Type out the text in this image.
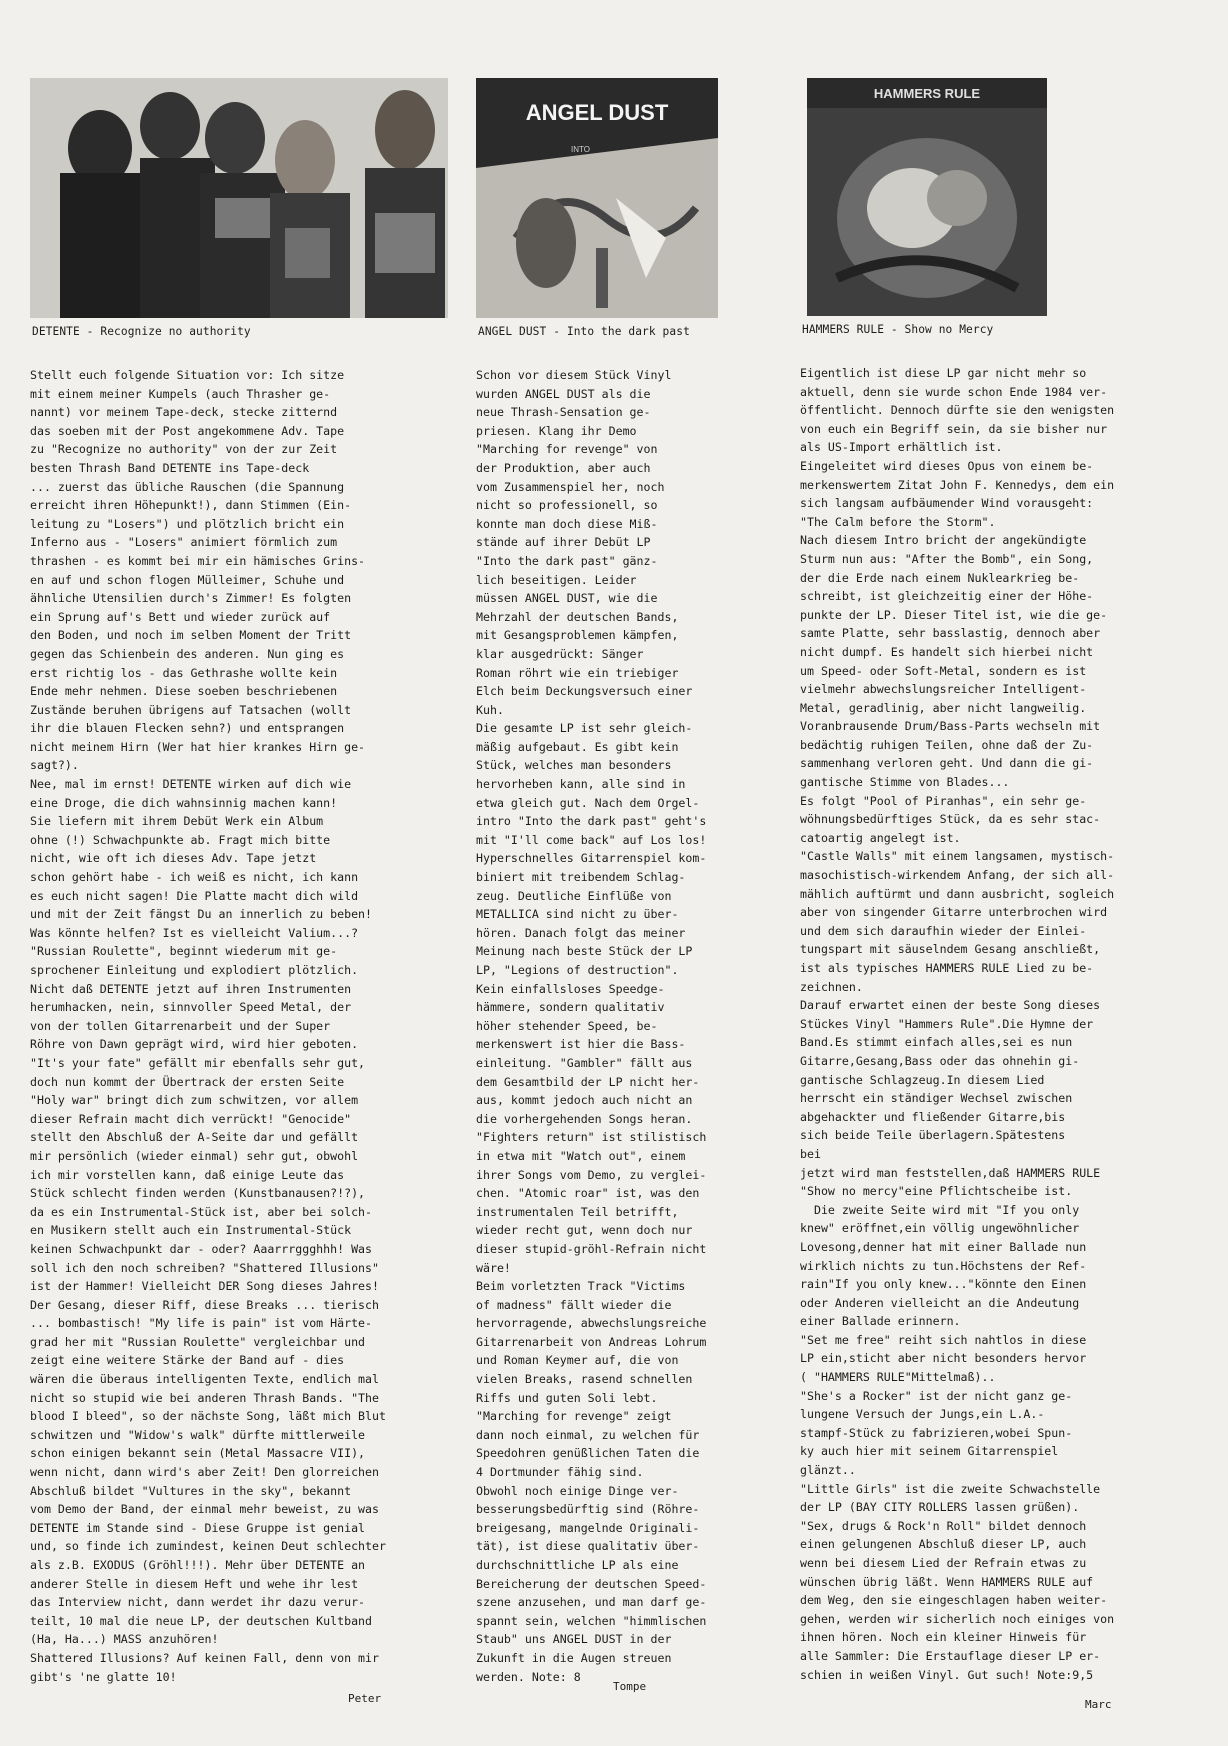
DETENTE - Recognize no authority
Stellt euch folgende Situation vor: Ich sitze
mit einem meiner Kumpels (auch Thrasher ge-
nannt) vor meinem Tape-deck, stecke zitternd
das soeben mit der Post angekommene Adv. Tape
zu "Recognize no authority" von der zur Zeit
besten Thrash Band DETENTE ins Tape-deck
... zuerst das übliche Rauschen (die Spannung
erreicht ihren Höhepunkt!), dann Stimmen (Ein-
leitung zu "Losers") und plötzlich bricht ein
Inferno aus - "Losers" animiert förmlich zum
thrashen - es kommt bei mir ein hämisches Grins-
en auf und schon flogen Mülleimer, Schuhe und
ähnliche Utensilien durch's Zimmer! Es folgten
ein Sprung auf's Bett und wieder zurück auf
den Boden, und noch im selben Moment der Tritt
gegen das Schienbein des anderen. Nun ging es
erst richtig los - das Gethrashe wollte kein
Ende mehr nehmen. Diese soeben beschriebenen
Zustände beruhen übrigens auf Tatsachen (wollt
ihr die blauen Flecken sehn?) und entsprangen
nicht meinem Hirn (Wer hat hier krankes Hirn ge-
sagt?).
Nee, mal im ernst! DETENTE wirken auf dich wie
eine Droge, die dich wahnsinnig machen kann!
Sie liefern mit ihrem Debüt Werk ein Album
ohne (!) Schwachpunkte ab. Fragt mich bitte
nicht, wie oft ich dieses Adv. Tape jetzt
schon gehört habe - ich weiß es nicht, ich kann
es euch nicht sagen! Die Platte macht dich wild
und mit der Zeit fängst Du an innerlich zu beben!
Was könnte helfen? Ist es vielleicht Valium...?
"Russian Roulette", beginnt wiederum mit ge-
sprochener Einleitung und explodiert plötzlich.
Nicht daß DETENTE jetzt auf ihren Instrumenten
herumhacken, nein, sinnvoller Speed Metal, der
von der tollen Gitarrenarbeit und der Super
Röhre von Dawn geprägt wird, wird hier geboten.
"It's your fate" gefällt mir ebenfalls sehr gut,
doch nun kommt der Übertrack der ersten Seite
"Holy war" bringt dich zum schwitzen, vor allem
dieser Refrain macht dich verrückt! "Genocide"
stellt den Abschluß der A-Seite dar und gefällt
mir persönlich (wieder einmal) sehr gut, obwohl
ich mir vorstellen kann, daß einige Leute das
Stück schlecht finden werden (Kunstbanausen?!?),
da es ein Instrumental-Stück ist, aber bei solch-
en Musikern stellt auch ein Instrumental-Stück
keinen Schwachpunkt dar - oder? Aaarrrggghhh! Was
soll ich den noch schreiben? "Shattered Illusions"
ist der Hammer! Vielleicht DER Song dieses Jahres!
Der Gesang, dieser Riff, diese Breaks ... tierisch
... bombastisch! "My life is pain" ist vom Härte-
grad her mit "Russian Roulette" vergleichbar und
zeigt eine weitere Stärke der Band auf - dies
wären die überaus intelligenten Texte, endlich mal
nicht so stupid wie bei anderen Thrash Bands. "The
blood I bleed", so der nächste Song, läßt mich Blut
schwitzen und "Widow's walk" dürfte mittlerweile
schon einigen bekannt sein (Metal Massacre VII),
wenn nicht, dann wird's aber Zeit! Den glorreichen
Abschluß bildet "Vultures in the sky", bekannt
vom Demo der Band, der einmal mehr beweist, zu was
DETENTE im Stande sind - Diese Gruppe ist genial
und, so finde ich zumindest, keinen Deut schlechter
als z.B. EXODUS (Gröhl!!!). Mehr über DETENTE an
anderer Stelle in diesem Heft und wehe ihr lest
das Interview nicht, dann werdet ihr dazu verur-
teilt, 10 mal die neue LP, der deutschen Kultband
(Ha, Ha...) MASS anzuhören!
Shattered Illusions? Auf keinen Fall, denn von mir
gibt's 'ne glatte 10!
Peter
ANGEL DUST
INTO
ANGEL DUST - Into the dark past
Schon vor diesem Stück Vinyl
wurden ANGEL DUST als die
neue Thrash-Sensation ge-
priesen. Klang ihr Demo
"Marching for revenge" von
der Produktion, aber auch
vom Zusammenspiel her, noch
nicht so professionell, so
konnte man doch diese Miß-
stände auf ihrer Debüt LP
"Into the dark past" gänz-
lich beseitigen. Leider
müssen ANGEL DUST, wie die
Mehrzahl der deutschen Bands,
mit Gesangsproblemen kämpfen,
klar ausgedrückt: Sänger
Roman röhrt wie ein triebiger
Elch beim Deckungsversuch einer
Kuh.
Die gesamte LP ist sehr gleich-
mäßig aufgebaut. Es gibt kein
Stück, welches man besonders
hervorheben kann, alle sind in
etwa gleich gut. Nach dem Orgel-
intro "Into the dark past" geht's
mit "I'll come back" auf Los los!
Hyperschnelles Gitarrenspiel kom-
biniert mit treibendem Schlag-
zeug. Deutliche Einflüße von
METALLICA sind nicht zu über-
hören. Danach folgt das meiner
Meinung nach beste Stück der LP
LP, "Legions of destruction".
Kein einfallsloses Speedge-
hämmere, sondern qualitativ
höher stehender Speed, be-
merkenswert ist hier die Bass-
einleitung. "Gambler" fällt aus
dem Gesamtbild der LP nicht her-
aus, kommt jedoch auch nicht an
die vorhergehenden Songs heran.
"Fighters return" ist stilistisch
in etwa mit "Watch out", einem
ihrer Songs vom Demo, zu verglei-
chen. "Atomic roar" ist, was den
instrumentalen Teil betrifft,
wieder recht gut, wenn doch nur
dieser stupid-gröhl-Refrain nicht
wäre!
Beim vorletzten Track "Victims
of madness" fällt wieder die
hervorragende, abwechslungsreiche
Gitarrenarbeit von Andreas Lohrum
und Roman Keymer auf, die von
vielen Breaks, rasend schnellen
Riffs und guten Soli lebt.
"Marching for revenge" zeigt
dann noch einmal, zu welchen für
Speedohren genüßlichen Taten die
4 Dortmunder fähig sind.
Obwohl noch einige Dinge ver-
besserungsbedürftig sind (Röhre-
breigesang, mangelnde Originali-
tät), ist diese qualitativ über-
durchschnittliche LP als eine
Bereicherung der deutschen Speed-
szene anzusehen, und man darf ge-
spannt sein, welchen "himmlischen
Staub" uns ANGEL DUST in der
Zukunft in die Augen streuen
werden. Note: 8
Tompe
HAMMERS RULE
HAMMERS RULE - Show no Mercy
Eigentlich ist diese LP gar nicht mehr so
aktuell, denn sie wurde schon Ende 1984 ver-
öffentlicht. Dennoch dürfte sie den wenigsten
von euch ein Begriff sein, da sie bisher nur
als US-Import erhältlich ist.
Eingeleitet wird dieses Opus von einem be-
merkenswertem Zitat John F. Kennedys, dem ein
sich langsam aufbäumender Wind vorausgeht:
"The Calm before the Storm".
Nach diesem Intro bricht der angekündigte
Sturm nun aus: "After the Bomb", ein Song,
der die Erde nach einem Nuklearkrieg be-
schreibt, ist gleichzeitig einer der Höhe-
punkte der LP. Dieser Titel ist, wie die ge-
samte Platte, sehr basslastig, dennoch aber
nicht dumpf. Es handelt sich hierbei nicht
um Speed- oder Soft-Metal, sondern es ist
vielmehr abwechslungsreicher Intelligent-
Metal, geradlinig, aber nicht langweilig.
Voranbrausende Drum/Bass-Parts wechseln mit
bedächtig ruhigen Teilen, ohne daß der Zu-
sammenhang verloren geht. Und dann die gi-
gantische Stimme von Blades...
Es folgt "Pool of Piranhas", ein sehr ge-
wöhnungsbedürftiges Stück, da es sehr stac-
catoartig angelegt ist.
"Castle Walls" mit einem langsamen, mystisch-
masochistisch-wirkendem Anfang, der sich all-
mählich auftürmt und dann ausbricht, sogleich
aber von singender Gitarre unterbrochen wird
und dem sich daraufhin wieder der Einlei-
tungspart mit säuselndem Gesang anschließt,
ist als typisches HAMMERS RULE Lied zu be-
zeichnen.
Darauf erwartet einen der beste Song dieses
Stückes Vinyl "Hammers Rule".Die Hymne der
Band.Es stimmt einfach alles,sei es nun
Gitarre,Gesang,Bass oder das ohnehin gi-
gantische Schlagzeug.In diesem Lied
herrscht ein ständiger Wechsel zwischen
abgehackter und fließender Gitarre,bis
sich beide Teile überlagern.Spätestens
bei
jetzt wird man feststellen,daß HAMMERS RULE
"Show no mercy"eine Pflichtscheibe ist.
Die zweite Seite wird mit "If you only
knew" eröffnet,ein völlig ungewöhnlicher
Lovesong,denner hat mit einer Ballade nun
wirklich nichts zu tun.Höchstens der Ref-
rain"If you only knew..."könnte den Einen
oder Anderen vielleicht an die Andeutung
einer Ballade erinnern.
"Set me free" reiht sich nahtlos in diese
LP ein,sticht aber nicht besonders hervor
( "HAMMERS RULE"Mittelmaß)..
"She's a Rocker" ist der nicht ganz ge-
lungene Versuch der Jungs,ein L.A.-
stampf-Stück zu fabrizieren,wobei Spun-
ky auch hier mit seinem Gitarrenspiel
glänzt..
"Little Girls" ist die zweite Schwachstelle
der LP (BAY CITY ROLLERS lassen grüßen).
"Sex, drugs & Rock'n Roll" bildet dennoch
einen gelungenen Abschluß dieser LP, auch
wenn bei diesem Lied der Refrain etwas zu
wünschen übrig läßt. Wenn HAMMERS RULE auf
dem Weg, den sie eingeschlagen haben weiter-
gehen, werden wir sicherlich noch einiges von
ihnen hören. Noch ein kleiner Hinweis für
alle Sammler: Die Erstauflage dieser LP er-
schien in weißen Vinyl. Gut such! Note:9,5
Marc
